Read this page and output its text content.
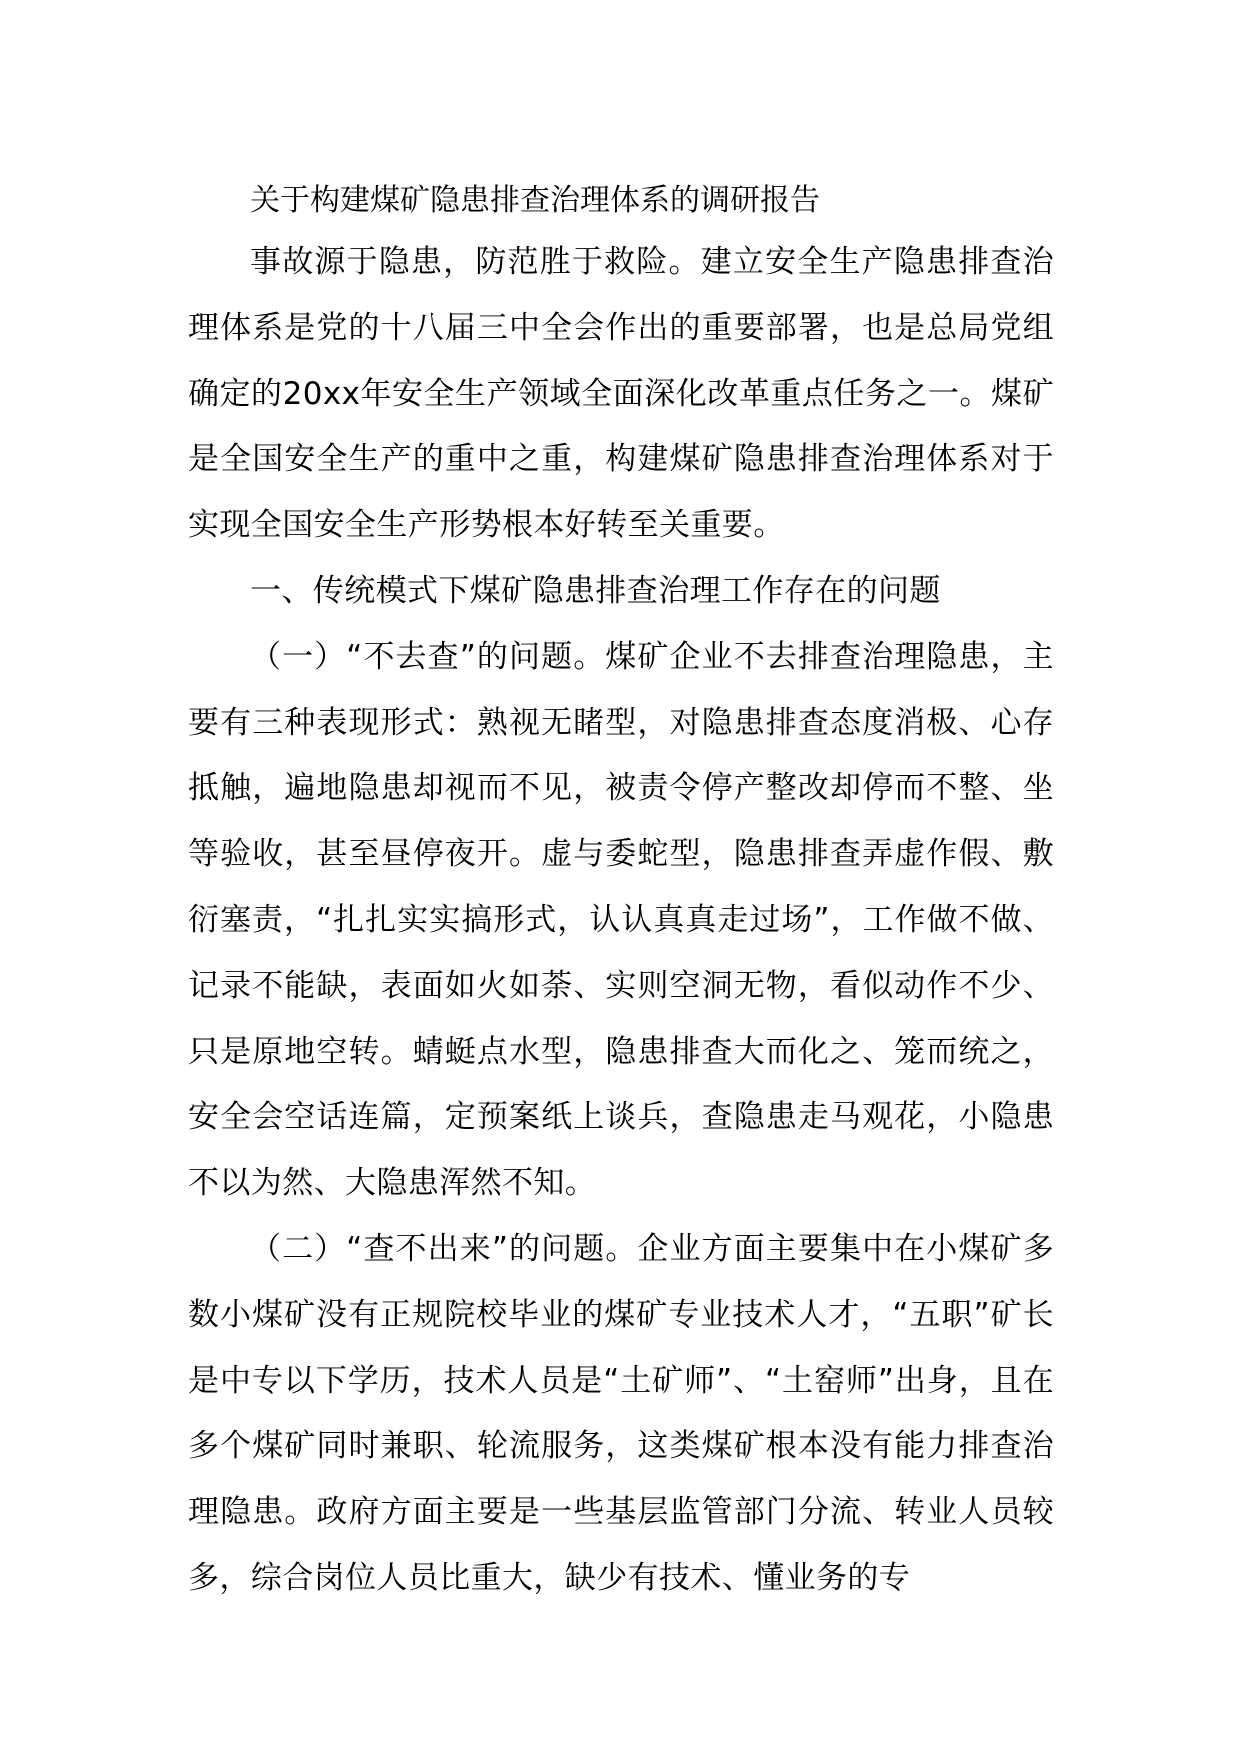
关于构建煤矿隐患排查治理体系的调研报告

事故源于隐患，防范胜于救险。建立安全生产隐患排查治理体系是党的十八届三中全会作出的重要部署，也是总局党组确定的20xx年安全生产领域全面深化改革重点任务之一。煤矿是全国安全生产的重中之重，构建煤矿隐患排查治理体系对于实现全国安全生产形势根本好转至关重要。

一、传统模式下煤矿隐患排查治理工作存在的问题

（一）“不去查”的问题。煤矿企业不去排查治理隐患，主要有三种表现形式：熟视无睹型，对隐患排查态度消极、心存抵触，遍地隐患却视而不见，被责令停产整改却停而不整、坐等验收，甚至昼停夜开。虚与委蛇型，隐患排查弄虚作假、敷衍塞责，“扎扎实实搞形式，认认真真走过场”，工作做不做、记录不能缺，表面如火如荼、实则空洞无物，看似动作不少、只是原地空转。蜻蜓点水型，隐患排查大而化之、笼而统之，安全会空话连篇，定预案纸上谈兵，查隐患走马观花，小隐患不以为然、大隐患浑然不知。

（二）“查不出来”的问题。企业方面主要集中在小煤矿多数小煤矿没有正规院校毕业的煤矿专业技术人才，“五职”矿长是中专以下学历，技术人员是“土矿师”、“土窑师”出身，且在多个煤矿同时兼职、轮流服务，这类煤矿根本没有能力排查治理隐患。政府方面主要是一些基层监管部门分流、转业人员较多，综合岗位人员比重大，缺少有技术、懂业务的专
